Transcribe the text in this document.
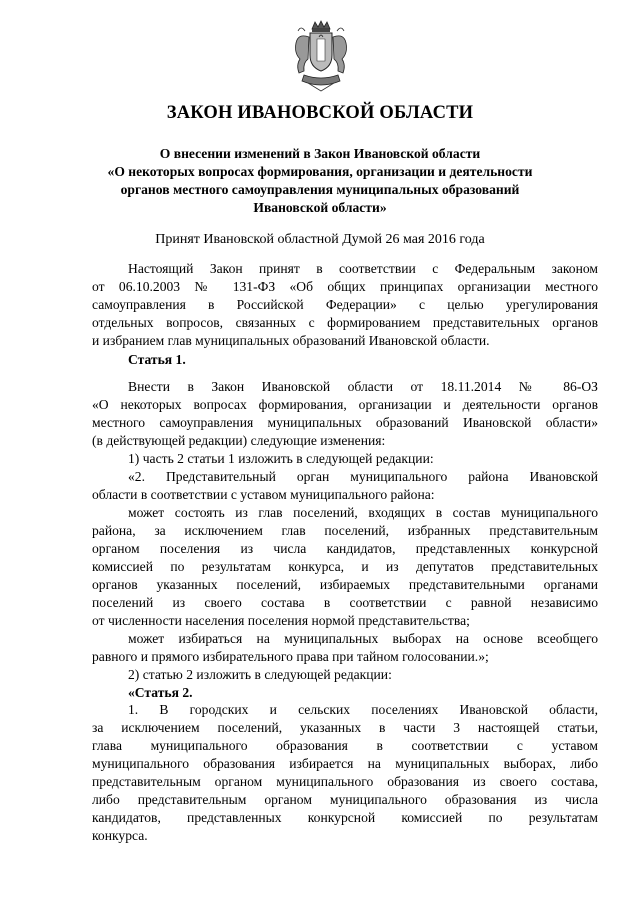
ЗАКОН ИВАНОВСКОЙ ОБЛАСТИ
О внесении изменений в Закон Ивановской области
«О некоторых вопросах формирования, организации и деятельности
органов местного самоуправления муниципальных образований
Ивановской области»

Принят Ивановской областной Думой 26 мая 2016 года

Настоящий Закон принят в соответствии с Федеральным законом
от 06.10.2003 № 131-ФЗ «Об общих принципах организации местного
самоуправления в Российской Федерации» с целью урегулирования
отдельных вопросов, связанных с формированием представительных органов
и избранием глав муниципальных образований Ивановской области.
Статья 1.
Внести в Закон Ивановской области от 18.11.2014 № 86-ОЗ
«О некоторых вопросах формирования, организации и деятельности органов
местного самоуправления муниципальных образований Ивановской области»
(в действующей редакции) следующие изменения:
1) часть 2 статьи 1 изложить в следующей редакции:
«2. Представительный орган муниципального района Ивановской
области в соответствии с уставом муниципального района:
может состоять из глав поселений, входящих в состав муниципального
района, за исключением глав поселений, избранных представительным
органом поселения из числа кандидатов, представленных конкурсной
комиссией по результатам конкурса, и из депутатов представительных
органов указанных поселений, избираемых представительными органами
поселений из своего состава в соответствии с равной независимо
от численности населения поселения нормой представительства;
может избираться на муниципальных выборах на основе всеобщего
равного и прямого избирательного права при тайном голосовании.»;
2) статью 2 изложить в следующей редакции:
«Статья 2.
1. В городских и сельских поселениях Ивановской области,
за исключением поселений, указанных в части 3 настоящей статьи,
глава муниципального образования в соответствии с уставом
муниципального образования избирается на муниципальных выборах, либо
представительным органом муниципального образования из своего состава,
либо представительным органом муниципального образования из числа
кандидатов, представленных конкурсной комиссией по результатам
конкурса.
